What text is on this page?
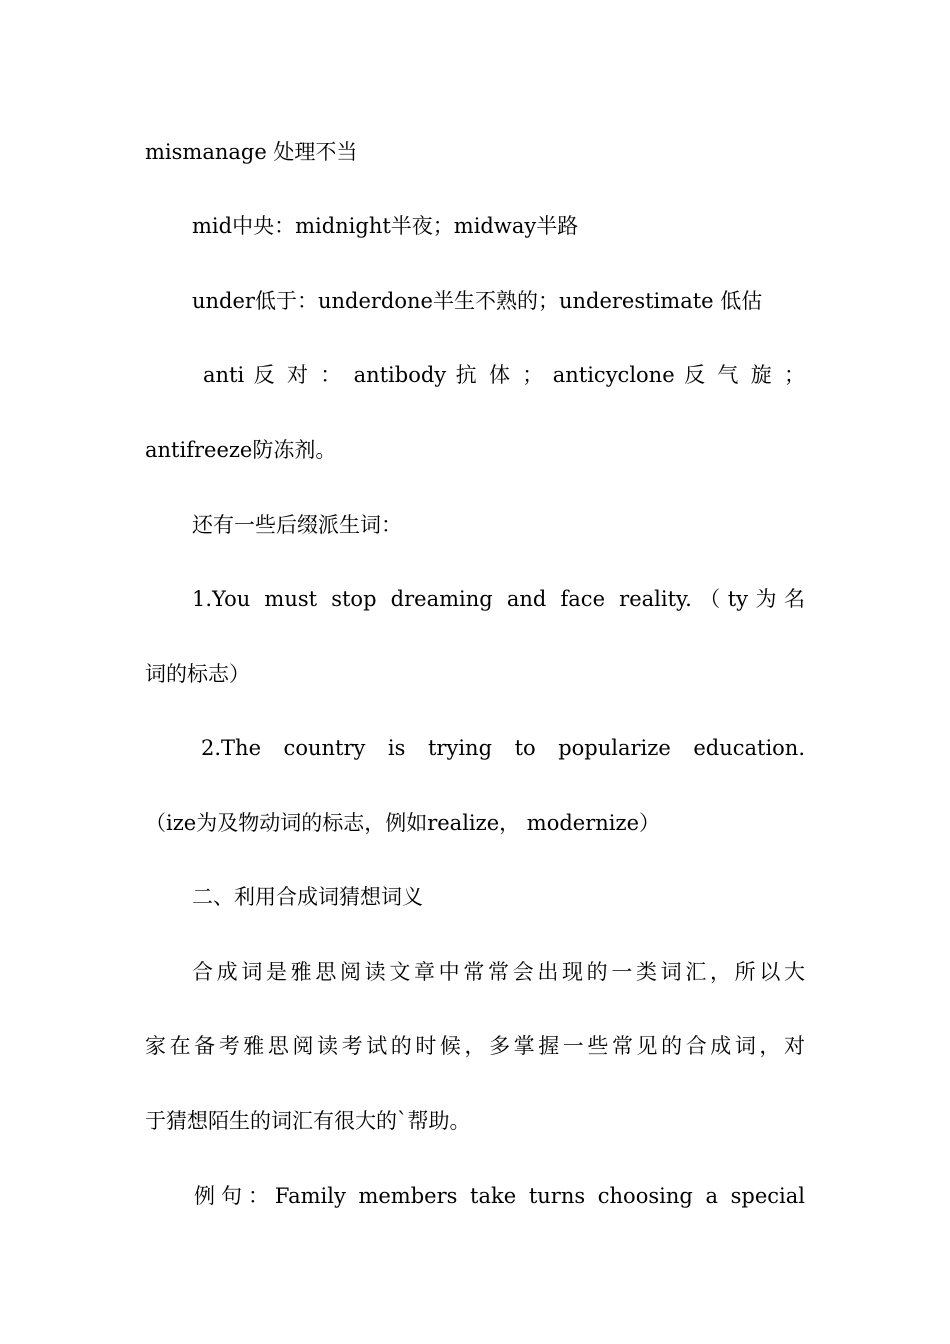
mismanage 处理不当
mid中央：midnight半夜；midway半路
under低于：underdone半生不熟的；underestimate 低估
anti 反 对 ： antibody 抗 体 ； anticyclone 反 气 旋 ；
antifreeze防冻剂。
还有一些后缀派生词：
1.You must stop dreaming and face reality.（ty为名
词的标志）
2.The country is trying to popularize education.
（ize为及物动词的标志，例如realize， modernize）
二、利用合成词猜想词义
合成词是雅思阅读文章中常常会出现的一类词汇，所以大
家在备考雅思阅读考试的时候，多掌握一些常见的合成词，对
于猜想陌生的词汇有很大的`帮助。
例句：Family members take turns choosing a special
